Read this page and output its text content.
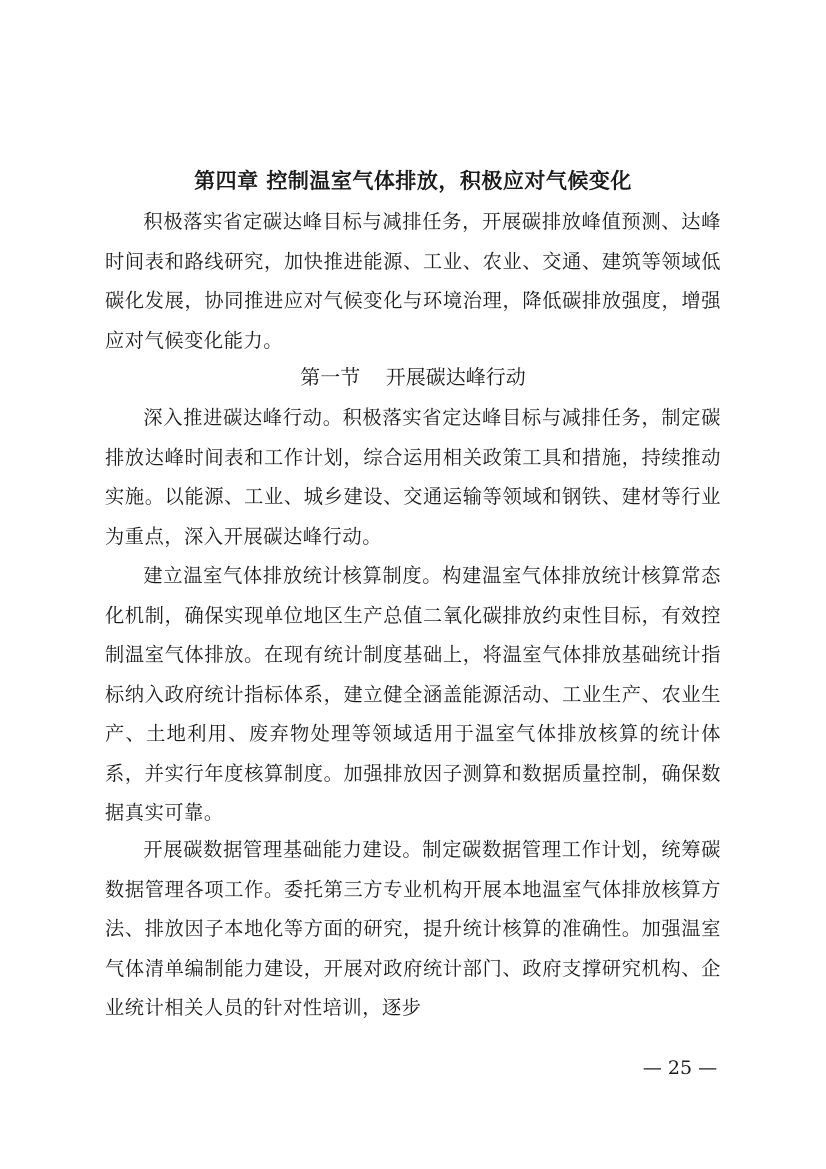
第四章 控制温室气体排放，积极应对气候变化

积极落实省定碳达峰目标与减排任务，开展碳排放峰值预测、达峰时间表和路线研究，加快推进能源、工业、农业、交通、建筑等领域低碳化发展，协同推进应对气候变化与环境治理，降低碳排放强度，增强应对气候变化能力。

第一节    开展碳达峰行动

深入推进碳达峰行动。积极落实省定达峰目标与减排任务，制定碳排放达峰时间表和工作计划，综合运用相关政策工具和措施，持续推动实施。以能源、工业、城乡建设、交通运输等领域和钢铁、建材等行业为重点，深入开展碳达峰行动。

建立温室气体排放统计核算制度。构建温室气体排放统计核算常态化机制，确保实现单位地区生产总值二氧化碳排放约束性目标，有效控制温室气体排放。在现有统计制度基础上，将温室气体排放基础统计指标纳入政府统计指标体系，建立健全涵盖能源活动、工业生产、农业生产、土地利用、废弃物处理等领域适用于温室气体排放核算的统计体系，并实行年度核算制度。加强排放因子测算和数据质量控制，确保数据真实可靠。

开展碳数据管理基础能力建设。制定碳数据管理工作计划，统筹碳数据管理各项工作。委托第三方专业机构开展本地温室气体排放核算方法、排放因子本地化等方面的研究，提升统计核算的准确性。加强温室气体清单编制能力建设，开展对政府统计部门、政府支撑研究机构、企业统计相关人员的针对性培训，逐步

— 25 —
